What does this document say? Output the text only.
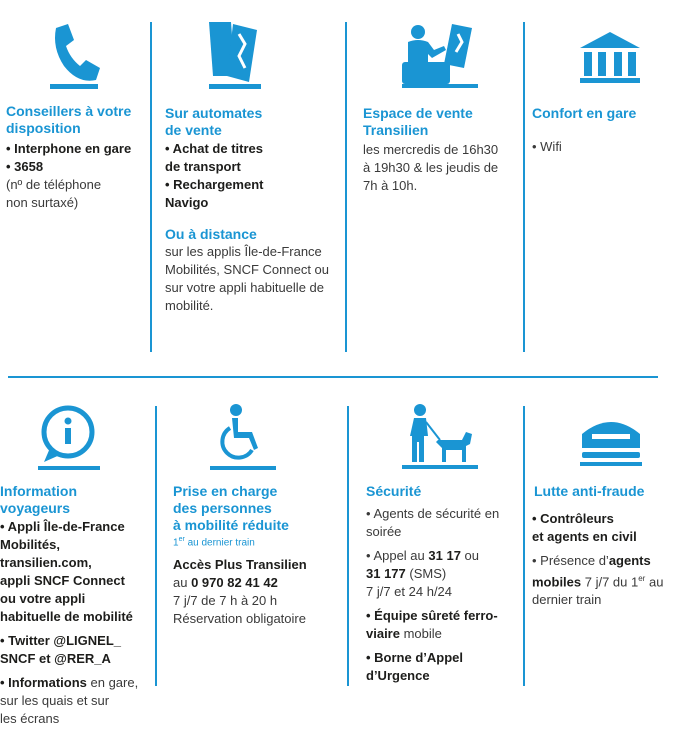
Conseillers à votre
disposition

• Interphone en gare

• 3658

(nº de téléphone

non surtaxé)

Sur automates
de vente

• Achat de titres

de transport

• Rechargement

Navigo

Ou à distance

sur les applis Île-de-France

Mobilités, SNCF Connect ou

sur votre appli habituelle de

mobilité.

Espace de vente
Transilien

les mercredis de 16h30

à 19h30 & les jeudis de

7h à 10h.

Confort en gare

• Wifi

Information
voyageurs

• Appli Île-de-France

Mobilités,

transilien.com,

appli SNCF Connect

ou votre appli

habituelle de mobilité

• Twitter @LIGNEL_

SNCF et @RER_A

• Informations en gare,

sur les quais et sur

les écrans

Prise en charge
des personnes
à mobilité réduite
1er au dernier train

Accès Plus Transilien

au 0 970 82 41 42

7 j/7 de 7 h à 20 h

Réservation obligatoire

Sécurité

• Agents de sécurité en

soirée

• Appel au 31 17 ou

31 177 (SMS)

7 j/7 et 24 h/24

• Équipe sûreté ferro-

viaire mobile

• Borne d’Appel

d’Urgence

Lutte anti-fraude

• Contrôleurs

et agents en civil

• Présence d’agents

mobiles 7 j/7 du 1er au

dernier train
